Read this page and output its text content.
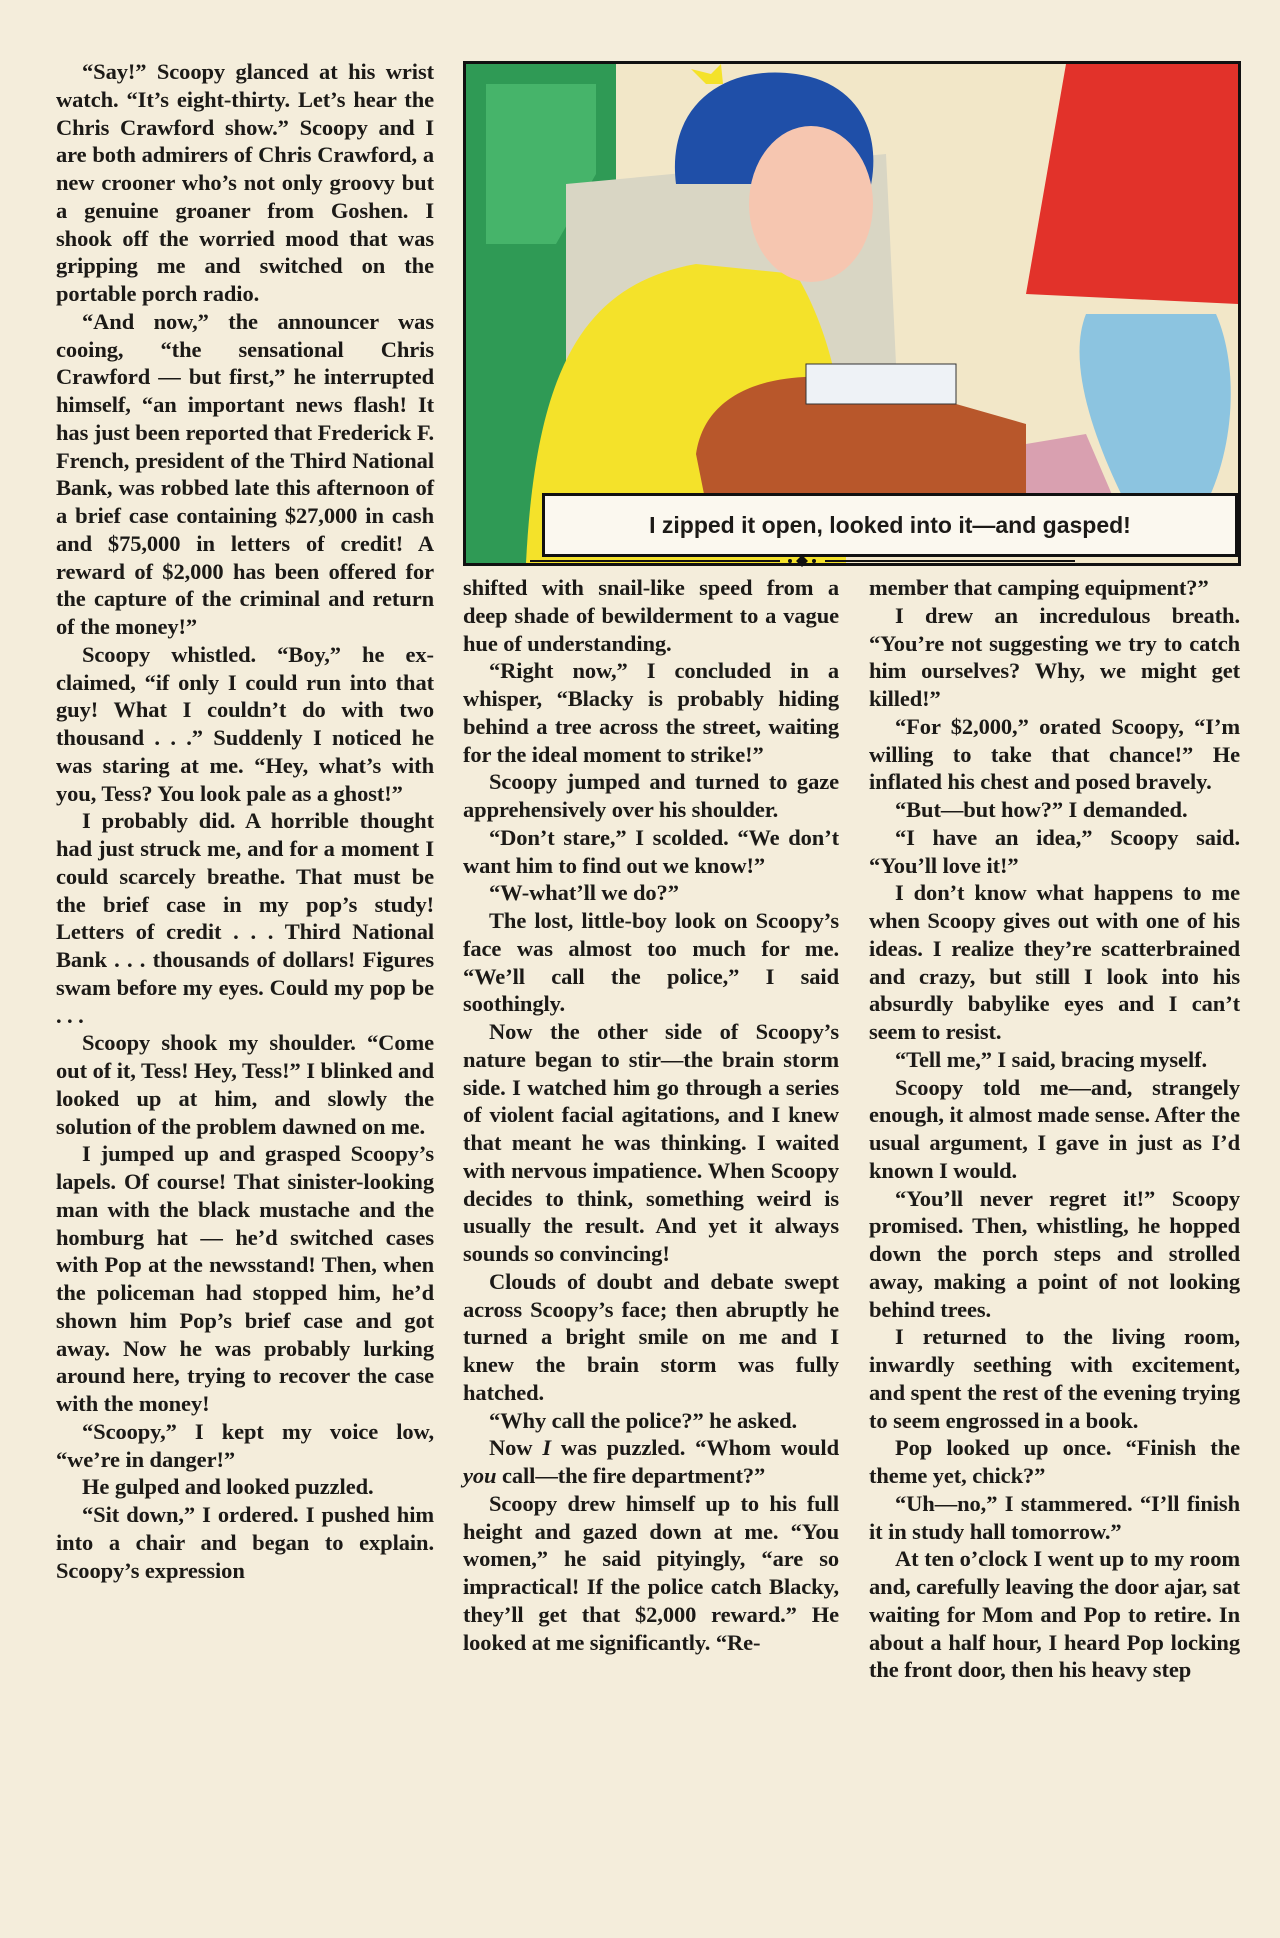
“Say!” Scoopy glanced at his wrist watch. “It’s eight-thirty. Let’s hear the Chris Crawford show.” Scoopy and I are both admirers of Chris Crawford, a new crooner who’s not only groovy but a genuine groaner from Goshen. I shook off the worried mood that was gripping me and switched on the portable porch radio.

“And now,” the announcer was cooing, “the sensational Chris Crawford — but first,” he interrupted himself, “an important news flash! It has just been reported that Frederick F. French, president of the Third National Bank, was robbed late this afternoon of a brief case containing $27,000 in cash and $75,000 in letters of credit! A reward of $2,000 has been offered for the capture of the criminal and return of the money!”

Scoopy whistled. “Boy,” he exclaimed, “if only I could run into that guy! What I couldn’t do with two thousand . . .” Suddenly I noticed he was staring at me. “Hey, what’s with you, Tess? You look pale as a ghost!”

I probably did. A horrible thought had just struck me, and for a moment I could scarcely breathe. That must be the brief case in my pop’s study! Letters of credit . . . Third National Bank . . . thousands of dollars! Figures swam before my eyes. Could my pop be . . .

Scoopy shook my shoulder. “Come out of it, Tess! Hey, Tess!” I blinked and looked up at him, and slowly the solution of the problem dawned on me.

I jumped up and grasped Scoopy’s lapels. Of course! That sinister-looking man with the black mustache and the homburg hat — he’d switched cases with Pop at the newsstand! Then, when the policeman had stopped him, he’d shown him Pop’s brief case and got away. Now he was probably lurking around here, trying to recover the case with the money!

“Scoopy,” I kept my voice low, “we’re in danger!”

He gulped and looked puzzled.

“Sit down,” I ordered. I pushed him into a chair and began to explain. Scoopy’s expression

I zipped it open, looked into it—and gasped!

shifted with snail-like speed from a deep shade of bewilderment to a vague hue of understanding.

“Right now,” I concluded in a whisper, “Blacky is probably hiding behind a tree across the street, waiting for the ideal moment to strike!”

Scoopy jumped and turned to gaze apprehensively over his shoulder.

“Don’t stare,” I scolded. “We don’t want him to find out we know!”

“W-what’ll we do?”

The lost, little-boy look on Scoopy’s face was almost too much for me. “We’ll call the police,” I said soothingly.

Now the other side of Scoopy’s nature began to stir—the brain storm side. I watched him go through a series of violent facial agitations, and I knew that meant he was thinking. I waited with nervous impatience. When Scoopy decides to think, something weird is usually the result. And yet it always sounds so convincing!

Clouds of doubt and debate swept across Scoopy’s face; then abruptly he turned a bright smile on me and I knew the brain storm was fully hatched.

“Why call the police?” he asked.

Now I was puzzled. “Whom would you call—the fire department?”

Scoopy drew himself up to his full height and gazed down at me. “You women,” he said pityingly, “are so impractical! If the police catch Blacky, they’ll get that $2,000 reward.” He looked at me significantly. “Re-

member that camping equipment?”

I drew an incredulous breath. “You’re not suggesting we try to catch him ourselves? Why, we might get killed!”

“For $2,000,” orated Scoopy, “I’m willing to take that chance!” He inflated his chest and posed bravely.

“But—but how?” I demanded.

“I have an idea,” Scoopy said. “You’ll love it!”

I don’t know what happens to me when Scoopy gives out with one of his ideas. I realize they’re scatterbrained and crazy, but still I look into his absurdly babylike eyes and I can’t seem to resist.

“Tell me,” I said, bracing myself.

Scoopy told me—and, strangely enough, it almost made sense. After the usual argument, I gave in just as I’d known I would.

“You’ll never regret it!” Scoopy promised. Then, whistling, he hopped down the porch steps and strolled away, making a point of not looking behind trees.

I returned to the living room, inwardly seething with excitement, and spent the rest of the evening trying to seem engrossed in a book.

Pop looked up once. “Finish the theme yet, chick?”

“Uh—no,” I stammered. “I’ll finish it in study hall tomorrow.”

At ten o’clock I went up to my room and, carefully leaving the door ajar, sat waiting for Mom and Pop to retire. In about a half hour, I heard Pop locking the front door, then his heavy step
